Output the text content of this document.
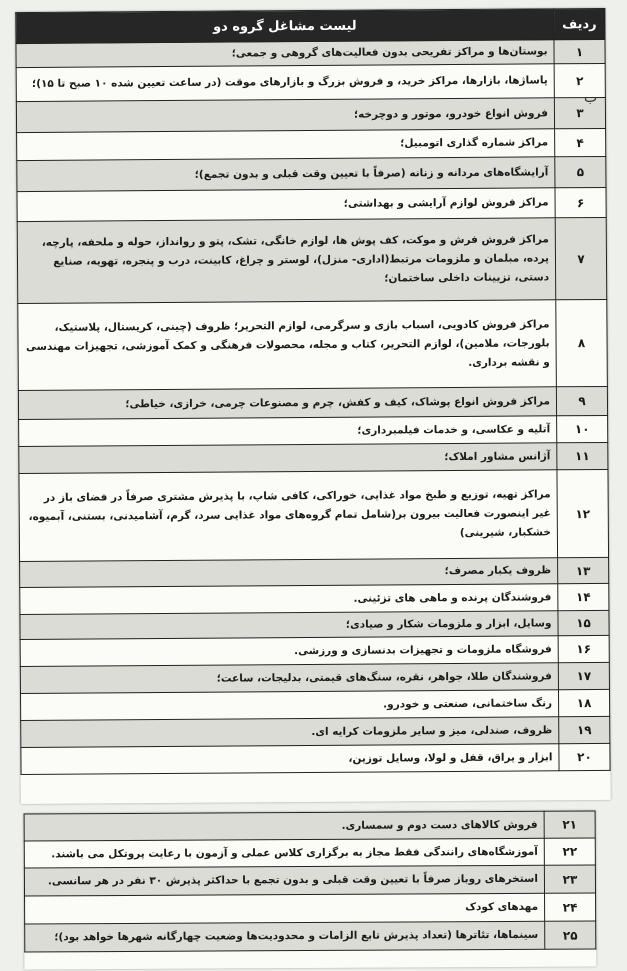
ردیف	لیست مشاغل گروه دو
۱	بوستان‌ها و مراکز تفریحی بدون فعالیت‌های گروهی و جمعی؛
۲	پاساژها، بازارها، مراکز خرید، و فروش بزرگ و بازارهای موقت (در ساعت تعیین شده ۱۰ صبح تا ۱۵)؛
۳	فروش انواع خودرو، موتور و دوچرخه؛
۴	مراکز شماره گذاری اتومبیل؛
۵	آرایشگاه‌های مردانه و زنانه (صرفاً با تعیین وقت قبلی و بدون تجمع)؛
۶	مراکز فروش لوازم آرایشی و بهداشتی؛
۷	مراکز فروش فرش و موکت، کف پوش ها، لوازم خانگی، تشک، پتو و روانداز، حوله و ملحفه، پارچه، پرده، مبلمان و ملزومات مرتبط(اداری- منزل)، لوستر و چراغ، کابینت، درب و پنجره، تهویه، صنایع دستی، تزیینات داخلی ساختمان؛
۸	مراکز فروش کادویی، اسباب بازی و سرگرمی، لوازم التحریر؛ ظروف (چینی، کریستال، پلاستیک، بلورجات، ملامین)، لوازم التحریر، کتاب و مجله، محصولات فرهنگی و کمک آموزشی، تجهیزات مهندسی و نقشه برداری.
۹	مراکز فروش انواع پوشاک، کیف و کفش، چرم و مصنوعات چرمی، خرازی، خیاطی؛
۱۰	آتلیه و عکاسی، و خدمات فیلمبرداری؛
۱۱	آژانس مشاور املاک؛
۱۲	مراکز تهیه، توزیع و طبخ مواد غذایی، خوراکی، کافی شاپ، با پذیرش مشتری صرفاً در فضای باز در غیر اینصورت فعالیت بیرون بر(شامل تمام گروه‌های مواد غذایی سرد، گرم، آشامیدنی، بستنی، آبمیوه، خشکبار، شیرینی)
۱۳	ظروف یکبار مصرف؛
۱۴	فروشندگان پرنده و ماهی های تزئینی.
۱۵	وسایل، ابزار و ملزومات شکار و صیادی؛
۱۶	فروشگاه ملزومات و تجهیزات بدنسازی و ورزشی.
۱۷	فروشندگان طلا، جواهر، نقره، سنگ‌های قیمتی، بدلیجات، ساعت؛
۱۸	رنگ ساختمانی، صنعتی و خودرو.
۱۹	ظروف، صندلی، میز و سایر ملزومات کرایه ای.
۲۰	ابزار و یراق، قفل و لولا، وسایل توزین،
۲۱	فروش کالاهای دست دوم و سمساری.
۲۲	آموزشگاه‌های رانندگی فقط مجاز به برگزاری کلاس عملی و آزمون با رعایت پروتکل می باشند.
۲۳	استخرهای روباز صرفاً با تعیین وقت قبلی و بدون تجمع با حداکثر پذیرش ۳۰ نفر در هر سانسی.
۲۴	مهدهای کودک
۲۵	سینماها، تئاترها (تعداد پذیرش تابع الزامات و محدودیت‌ها وضعیت چهارگانه شهرها خواهد بود)؛
ب
